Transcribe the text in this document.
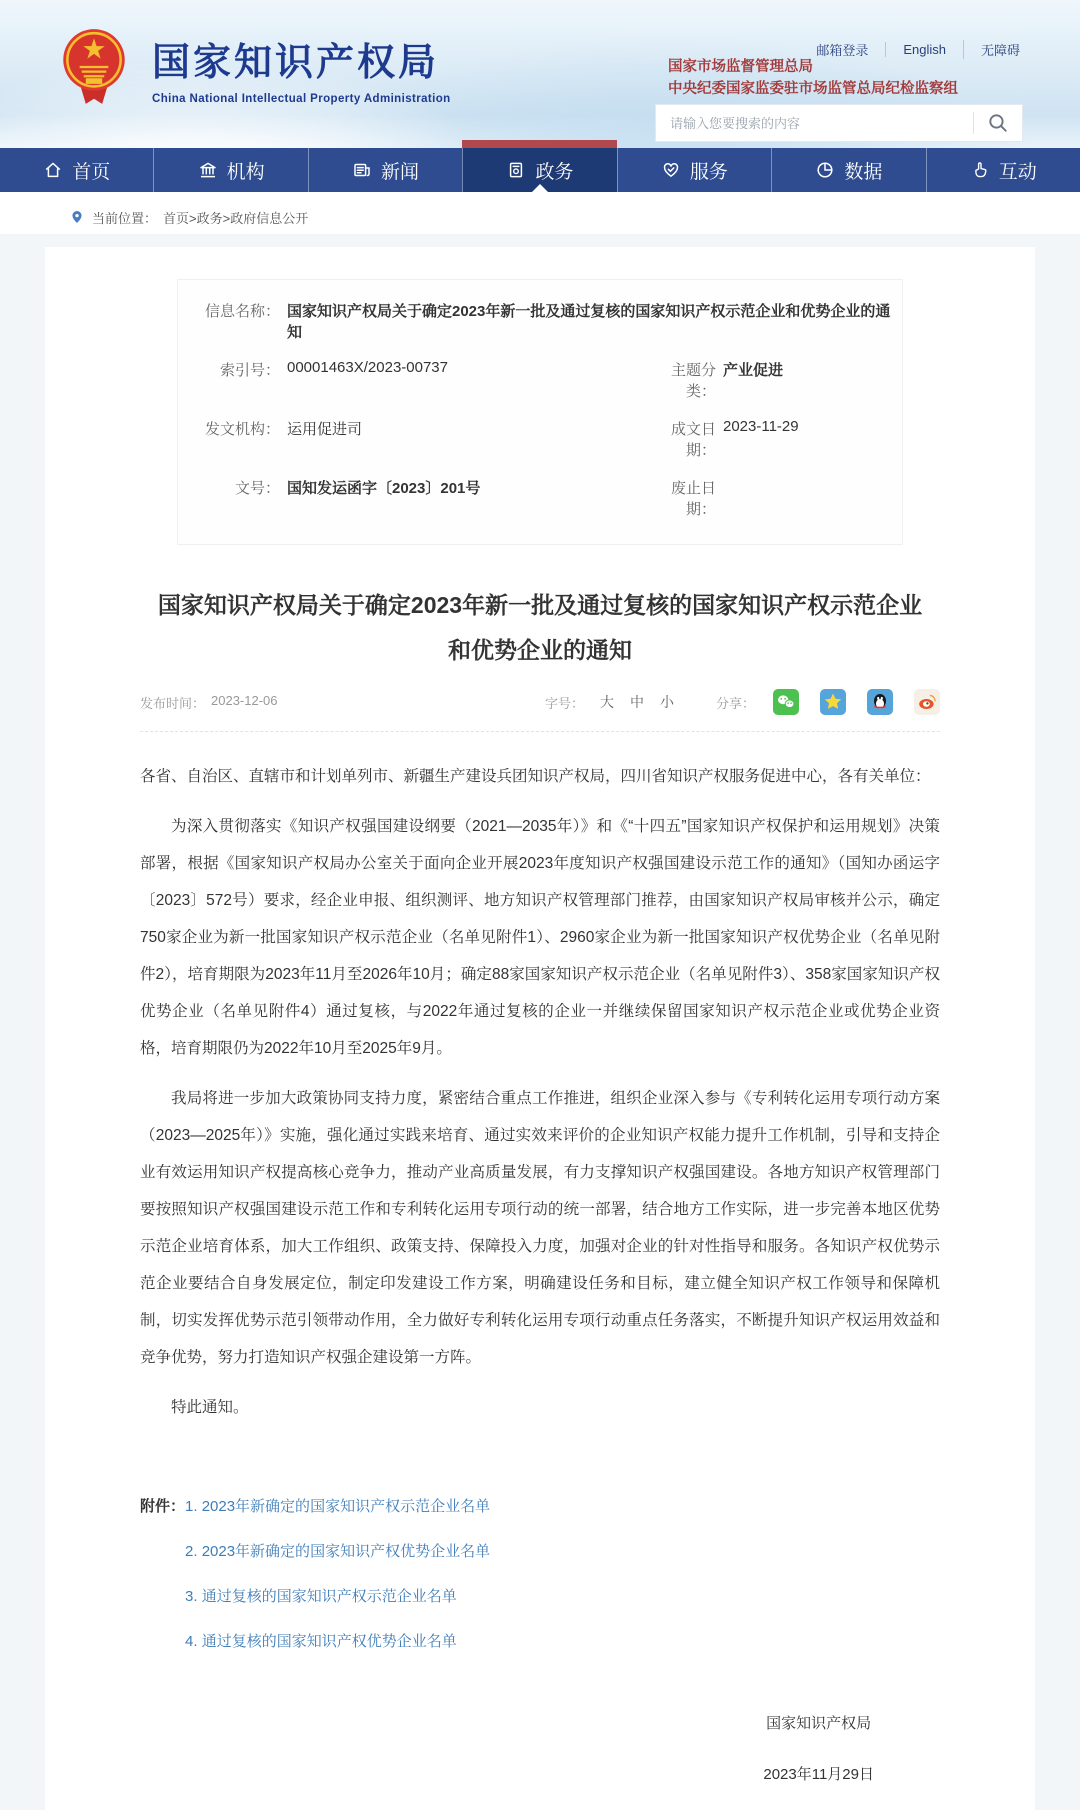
国家知识产权局
China National Intellectual Property Administration
邮箱登录	English	无障碍
国家市场监督管理总局
中央纪委国家监委驻市场监管总局纪检监察组
请输入您要搜索的内容
首页	机构	新闻	政务	服务	数据	互动
当前位置： 首页>政务>政府信息公开
信息名称： 国家知识产权局关于确定2023年新一批及通过复核的国家知识产权示范企业和优势企业的通知
索引号： 00001463X/2023-00737	主题分类：
产业促进
发文机构： 运用促进司	成文日期：
2023-11-29
文号： 国知发运函字〔2023〕201号	废止日期：
国家知识产权局关于确定2023年新一批及通过复核的国家知识产权示范企业
和优势企业的通知
发布时间： 2023-12-06	字号： 大 中 小	分享：

各省、自治区、直辖市和计划单列市、新疆生产建设兵团知识产权局，四川省知识产权服务促进中心，各有关单位：

为深入贯彻落实《知识产权强国建设纲要（2021—2035年）》和《“十四五”国家知识产权保护和运用规划》决策部署，根据《国家知识产权局办公室关于面向企业开展2023年度知识产权强国建设示范工作的通知》（国知办函运字〔2023〕572号）要求，经企业申报、组织测评、地方知识产权管理部门推荐，由国家知识产权局审核并公示，确定750家企业为新一批国家知识产权示范企业（名单见附件1）、2960家企业为新一批国家知识产权优势企业（名单见附件2），培育期限为2023年11月至2026年10月；确定88家国家知识产权示范企业（名单见附件3）、358家国家知识产权优势企业（名单见附件4）通过复核，与2022年通过复核的企业一并继续保留国家知识产权示范企业或优势企业资格，培育期限仍为2022年10月至2025年9月。

我局将进一步加大政策协同支持力度，紧密结合重点工作推进，组织企业深入参与《专利转化运用专项行动方案（2023—2025年）》实施，强化通过实践来培育、通过实效来评价的企业知识产权能力提升工作机制，引导和支持企业有效运用知识产权提高核心竞争力，推动产业高质量发展，有力支撑知识产权强国建设。各地方知识产权管理部门要按照知识产权强国建设示范工作和专利转化运用专项行动的统一部署，结合地方工作实际，进一步完善本地区优势示范企业培育体系，加大工作组织、政策支持、保障投入力度，加强对企业的针对性指导和服务。各知识产权优势示范企业要结合自身发展定位，制定印发建设工作方案，明确建设任务和目标，建立健全知识产权工作领导和保障机制，切实发挥优势示范引领带动作用，全力做好专利转化运用专项行动重点任务落实，不断提升知识产权运用效益和竞争优势，努力打造知识产权强企建设第一方阵。

特此通知。

附件： 1. 2023年新确定的国家知识产权示范企业名单
2. 2023年新确定的国家知识产权优势企业名单
3. 通过复核的国家知识产权示范企业名单
4. 通过复核的国家知识产权优势企业名单
国家知识产权局
2023年11月29日
